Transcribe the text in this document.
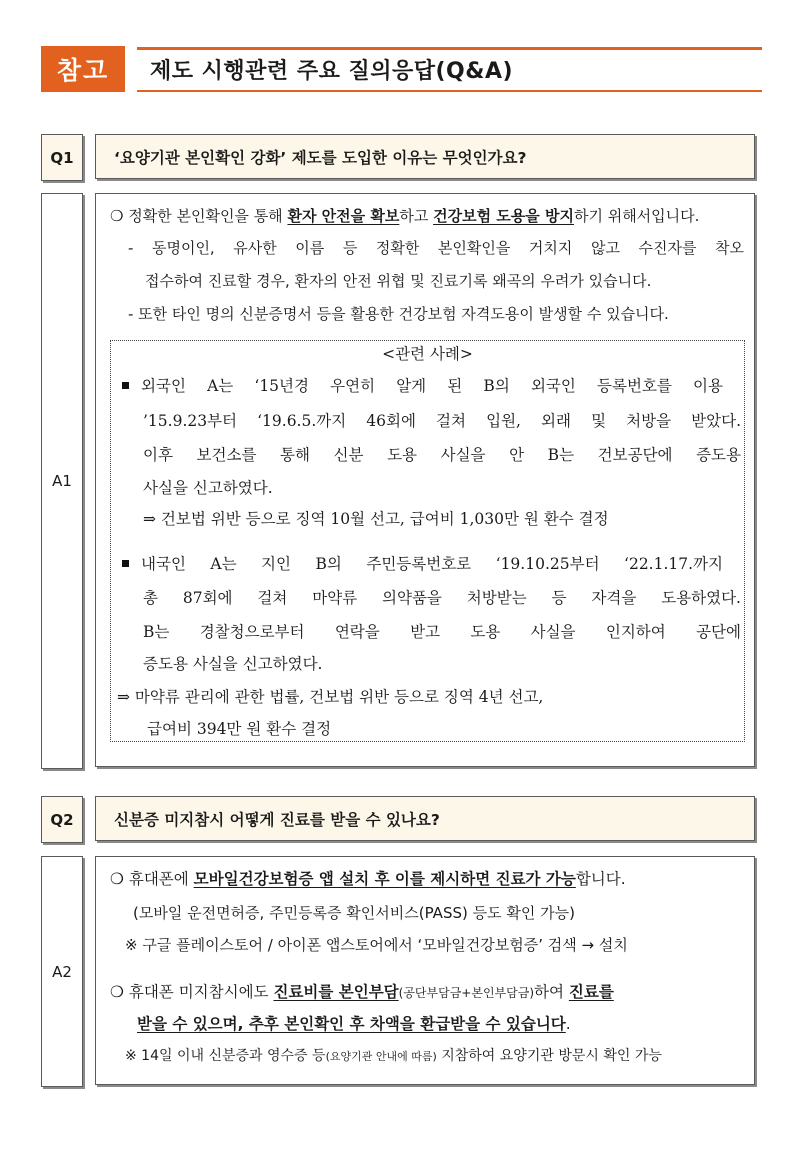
참고	제도 시행관련 주요 질의응답(Q&A)
Q1	‘요양기관 본인확인 강화’ 제도를 도입한 이유는 무엇인가요?
A1
❍ 정확한 본인확인을 통해 환자 안전을 확보하고 건강보험 도용을 방지하기 위해서입니다.
- 동명이인, 유사한 이름 등 정확한 본인확인을 거치지 않고 수진자를 착오
접수하여 진료할 경우, 환자의 안전 위협 및 진료기록 왜곡의 우려가 있습니다.
- 또한 타인 명의 신분증명서 등을 활용한 건강보험 자격도용이 발생할 수 있습니다.
<관련 사례>
외국인 A는 ‘15년경 우연히 알게 된 B의 외국인 등록번호를 이용
’15.9.23부터 ‘19.6.5.까지 46회에 걸쳐 입원, 외래 및 처방을 받았다.
이후 보건소를 통해 신분 도용 사실을 안 B는 건보공단에 증도용
사실을 신고하였다.
⇒ 건보법 위반 등으로 징역 10월 선고, 급여비 1,030만 원 환수 결정
내국인 A는 지인 B의 주민등록번호로 ‘19.10.25부터 ‘22.1.17.까지
총 87회에 걸쳐 마약류 의약품을 처방받는 등 자격을 도용하였다.
B는 경찰청으로부터 연락을 받고 도용 사실을 인지하여 공단에
증도용 사실을 신고하였다.
⇒ 마약류 관리에 관한 법률, 건보법 위반 등으로 징역 4년 선고,
급여비 394만 원 환수 결정
Q2	신분증 미지참시 어떻게 진료를 받을 수 있나요?
A2
❍ 휴대폰에 모바일건강보험증 앱 설치 후 이를 제시하면 진료가 가능합니다.
(모바일 운전면허증, 주민등록증 확인서비스(PASS) 등도 확인 가능)
※ 구글 플레이스토어 / 아이폰 앱스토어에서 ‘모바일건강보험증’ 검색 → 설치
❍ 휴대폰 미지참시에도 진료비를 본인부담(공단부담금+본인부담금)하여 진료를
받을 수 있으며, 추후 본인확인 후 차액을 환급받을 수 있습니다.
※ 14일 이내 신분증과 영수증 등(요양기관 안내에 따름) 지참하여 요양기관 방문시 확인 가능
